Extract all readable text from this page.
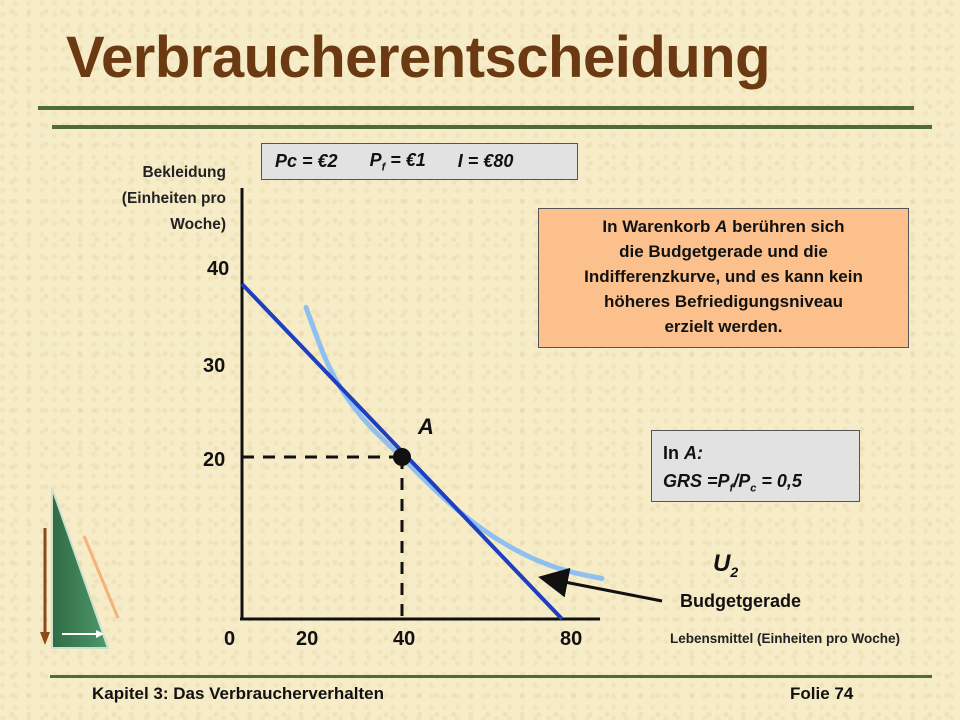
Verbraucherentscheidung
Bekleidung
(Einheiten pro
Woche)
40
30
20
0	20	40	80	Lebensmittel (Einheiten pro Woche)
Pc = €2 $P_f$ = €1 I = €80
In Warenkorb A berühren sich
die Budgetgerade und die
Indifferenzkurve, und es kann kein
höheres Befriedigungsniveau
erzielt werden.
In A:
GRS $=P_f/P_c = 0,5$
A
$U_2$
Budgetgerade
Kapitel 3: Das Verbraucherverhalten	Folie 74
